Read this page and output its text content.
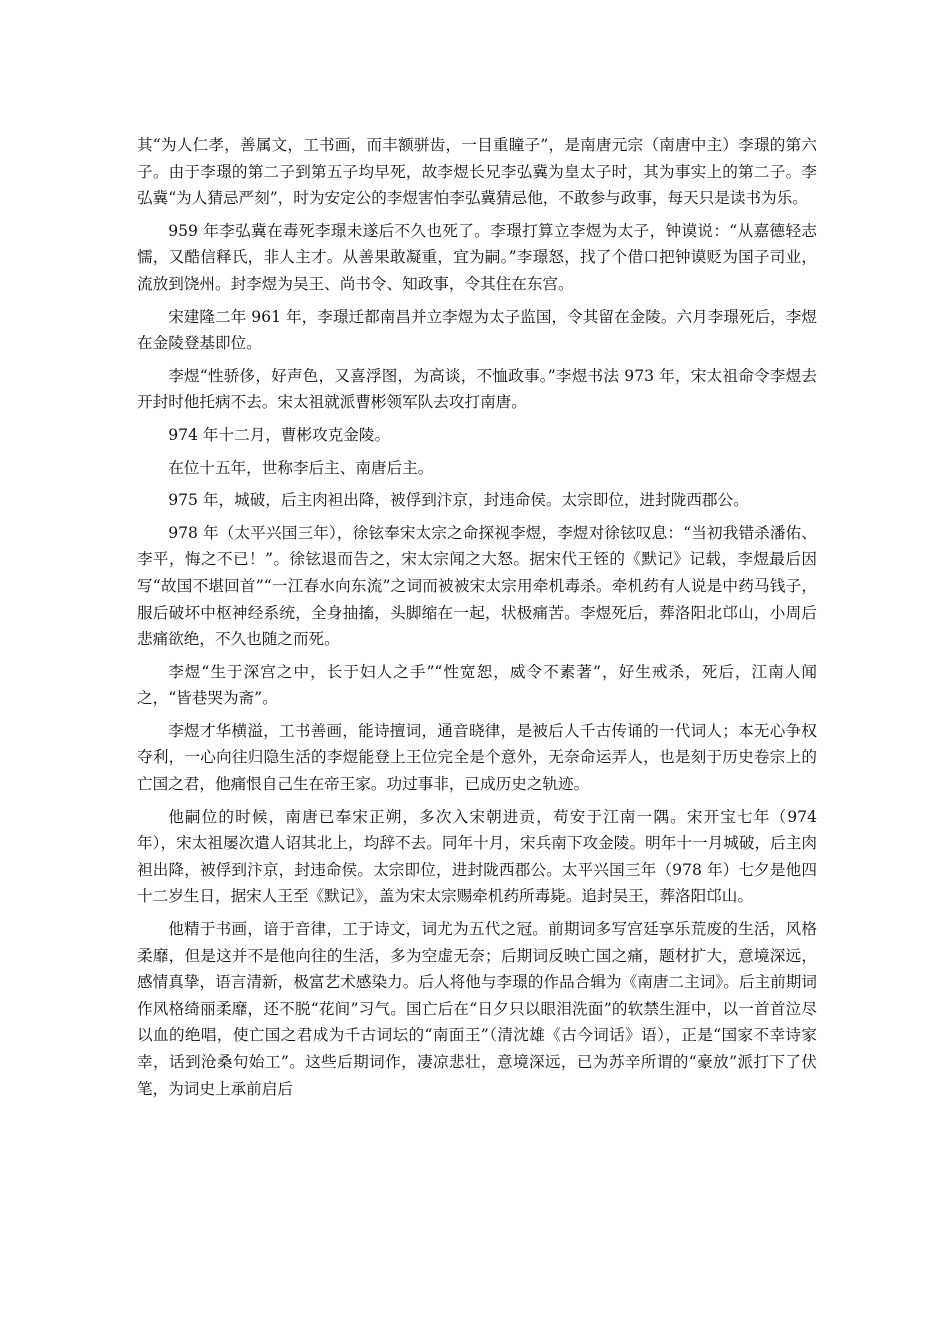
其“为人仁孝，善属文，工书画，而丰额骈齿，一目重瞳子”，是南唐元宗（南唐中主）李璟的第六子。由于李璟的第二子到第五子均早死，故李煜长兄李弘冀为皇太子时，其为事实上的第二子。李弘冀“为人猜忌严刻”，时为安定公的李煜害怕李弘冀猜忌他，不敢参与政事，每天只是读书为乐。

959 年李弘冀在毒死李璟未遂后不久也死了。李璟打算立李煜为太子，钟谟说：“从嘉德轻志懦，又酷信释氏，非人主才。从善果敢凝重，宜为嗣。”李璟怒，找了个借口把钟谟贬为国子司业，流放到饶州。封李煜为吴王、尚书令、知政事，令其住在东宫。

宋建隆二年 961 年，李璟迁都南昌并立李煜为太子监国，令其留在金陵。六月李璟死后，李煜在金陵登基即位。

李煜“性骄侈，好声色，又喜浮图，为高谈，不恤政事。”李煜书法 973 年，宋太祖命令李煜去开封时他托病不去。宋太祖就派曹彬领军队去攻打南唐。

974 年十二月，曹彬攻克金陵。

在位十五年，世称李后主、南唐后主。

975 年，城破，后主肉袒出降，被俘到汴京，封违命侯。太宗即位，进封陇西郡公。

978 年（太平兴国三年），徐铉奉宋太宗之命探视李煜，李煜对徐铉叹息：“当初我错杀潘佑、李平，悔之不已！”。徐铉退而告之，宋太宗闻之大怒。据宋代王铚的《默记》记载，李煜最后因写“故国不堪回首”“一江春水向东流”之词而被被宋太宗用牵机毒杀。牵机药有人说是中药马钱子，服后破坏中枢神经系统，全身抽搐，头脚缩在一起，状极痛苦。李煜死后，葬洛阳北邙山，小周后悲痛欲绝，不久也随之而死。

李煜“生于深宫之中，长于妇人之手”“性宽恕，威令不素著”，好生戒杀，死后，江南人闻之，“皆巷哭为斋”。

李煜才华横溢，工书善画，能诗擅词，通音晓律，是被后人千古传诵的一代词人；本无心争权夺利，一心向往归隐生活的李煜能登上王位完全是个意外，无奈命运弄人，也是刻于历史卷宗上的亡国之君，他痛恨自己生在帝王家。功过事非，已成历史之轨迹。

他嗣位的时候，南唐已奉宋正朔，多次入宋朝进贡，苟安于江南一隅。宋开宝七年（974 年），宋太祖屡次遣人诏其北上，均辞不去。同年十月，宋兵南下攻金陵。明年十一月城破，后主肉袒出降，被俘到汴京，封违命侯。太宗即位，进封陇西郡公。太平兴国三年（978 年）七夕是他四十二岁生日，据宋人王至《默记》，盖为宋太宗赐牵机药所毒毙。追封吴王，葬洛阳邙山。

他精于书画，谙于音律，工于诗文，词尤为五代之冠。前期词多写宫廷享乐荒废的生活，风格柔靡，但是这并不是他向往的生活，多为空虚无奈；后期词反映亡国之痛，题材扩大，意境深远，感情真挚，语言清新，极富艺术感染力。后人将他与李璟的作品合辑为《南唐二主词》。后主前期词作风格绮丽柔靡，还不脱“花间”习气。国亡后在“日夕只以眼泪洗面”的软禁生涯中，以一首首泣尽以血的绝唱，使亡国之君成为千古词坛的“南面王”（清沈雄《古今词话》语），正是“国家不幸诗家幸，话到沧桑句始工”。这些后期词作，凄凉悲壮，意境深远，已为苏辛所谓的“豪放”派打下了伏笔，为词史上承前启后
